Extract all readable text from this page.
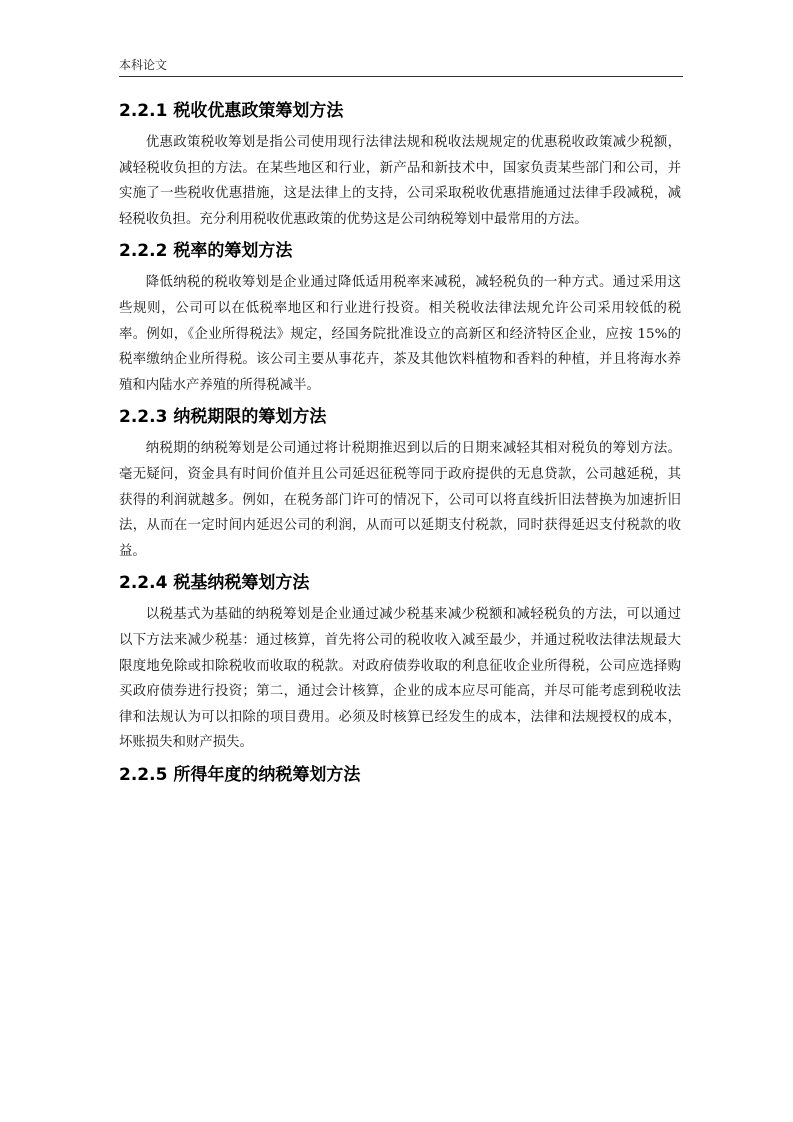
本科论文
2.2.1 税收优惠政策筹划方法

优惠政策税收筹划是指公司使用现行法律法规和税收法规规定的优惠税收政策减少税额，减轻税收负担的方法。在某些地区和行业，新产品和新技术中，国家负责某些部门和公司，并实施了一些税收优惠措施，这是法律上的支持，公司采取税收优惠措施通过法律手段减税，减轻税收负担。充分利用税收优惠政策的优势这是公司纳税筹划中最常用的方法。

2.2.2 税率的筹划方法

降低纳税的税收筹划是企业通过降低适用税率来减税，减轻税负的一种方式。通过采用这些规则，公司可以在低税率地区和行业进行投资。相关税收法律法规允许公司采用较低的税率。例如，《企业所得税法》规定，经国务院批准设立的高新区和经济特区企业，应按 15%的税率缴纳企业所得税。该公司主要从事花卉，茶及其他饮料植物和香料的种植，并且将海水养殖和内陆水产养殖的所得税减半。

2.2.3 纳税期限的筹划方法

纳税期的纳税筹划是公司通过将计税期推迟到以后的日期来减轻其相对税负的筹划方法。毫无疑问，资金具有时间价值并且公司延迟征税等同于政府提供的无息贷款，公司越延税，其获得的利润就越多。例如，在税务部门许可的情况下，公司可以将直线折旧法替换为加速折旧法，从而在一定时间内延迟公司的利润，从而可以延期支付税款，同时获得延迟支付税款的收益。

2.2.4 税基纳税筹划方法

以税基式为基础的纳税筹划是企业通过减少税基来减少税额和减轻税负的方法，可以通过以下方法来减少税基：通过核算，首先将公司的税收收入减至最少，并通过税收法律法规最大限度地免除或扣除税收而收取的税款。对政府债券收取的利息征收企业所得税，公司应选择购买政府债券进行投资；第二，通过会计核算，企业的成本应尽可能高，并尽可能考虑到税收法律和法规认为可以扣除的项目费用。必须及时核算已经发生的成本，法律和法规授权的成本，坏账损失和财产损失。

2.2.5 所得年度的纳税筹划方法
